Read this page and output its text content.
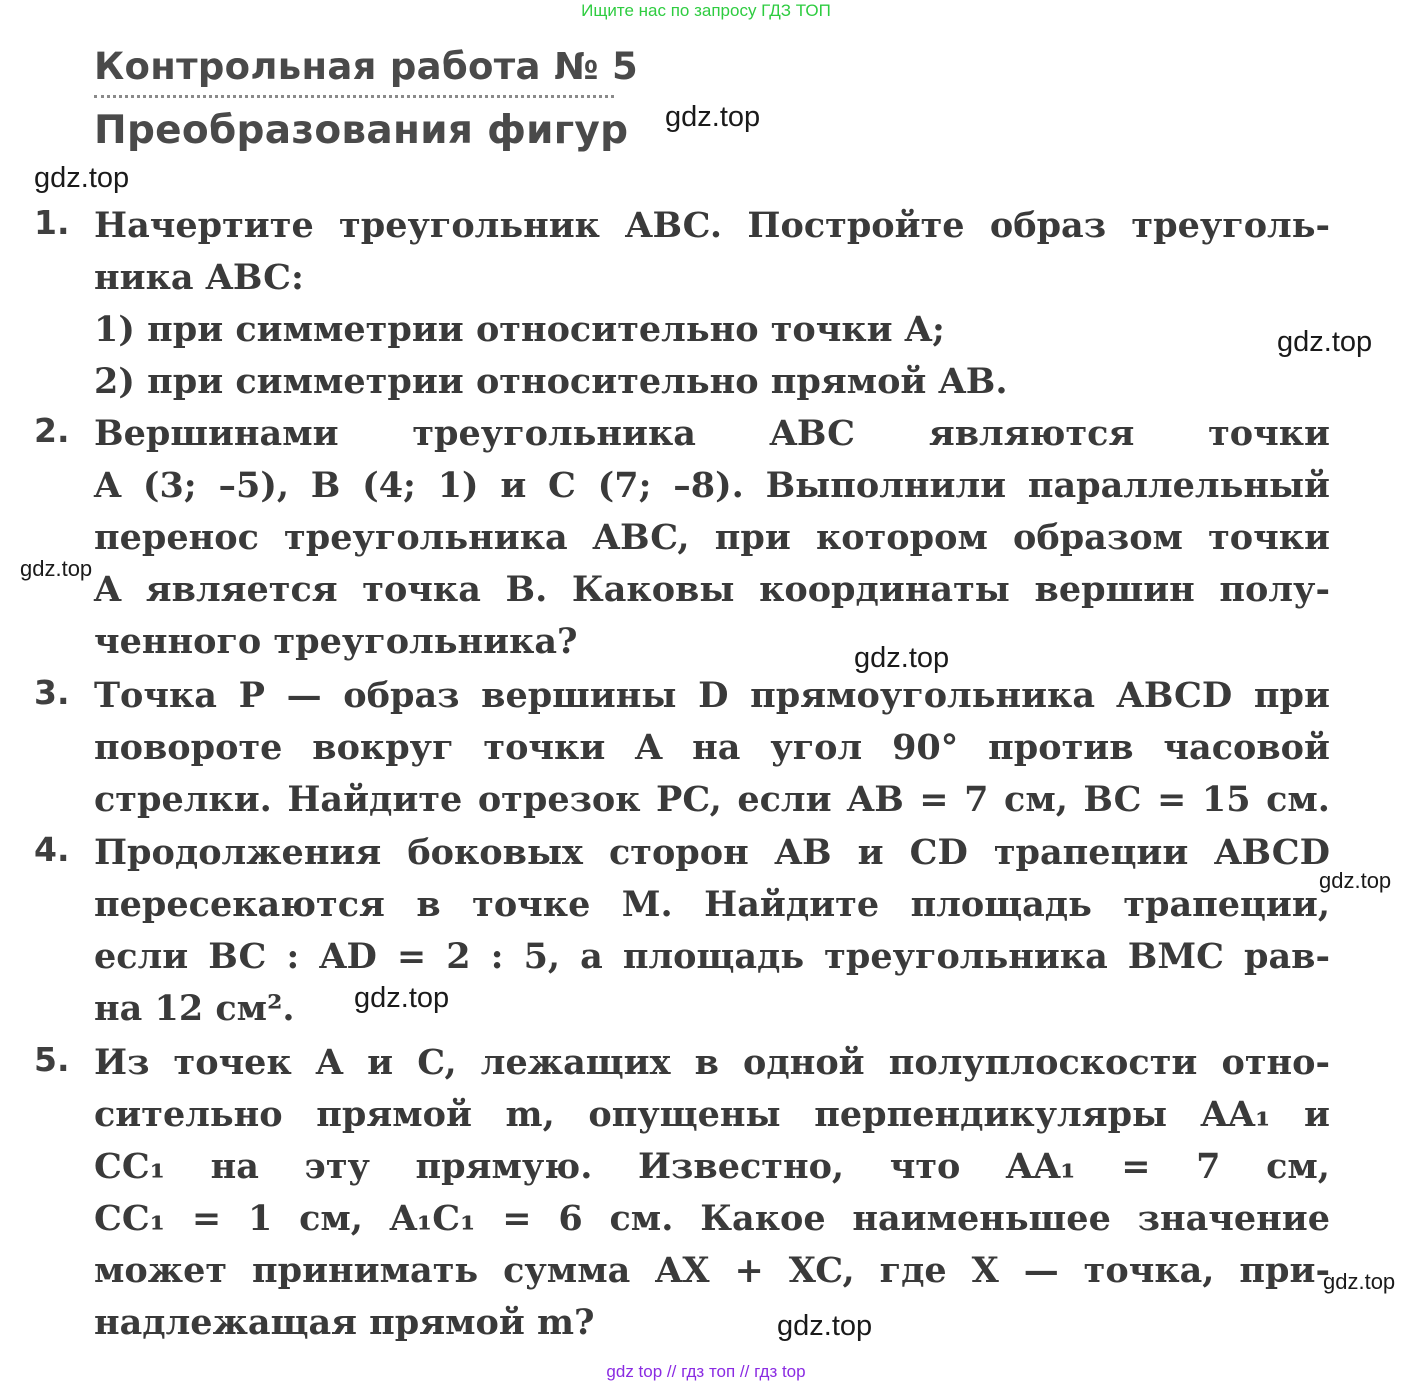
Ищите нас по запросу ГДЗ ТОП
Контрольная работа № 5
Преобразования фигур gdz.top
gdz.top
gdz.top
gdz.top
gdz.top
gdz.top
gdz.top
gdz.top
gdz.top
1. Начертите треугольник ABC. Постройте образ треуголь-
ника ABC:
1) при симметрии относительно точки A;
2) при симметрии относительно прямой AB.
2. Вершинами треугольника ABC являются точки
A (3; –5), B (4; 1) и C (7; –8). Выполнили параллельный
перенос треугольника ABC, при котором образом точки
A является точка B. Каковы координаты вершин полу-
ченного треугольника?
3. Точка P — образ вершины D прямоугольника ABCD при
повороте вокруг точки A на угол 90° против часовой
стрелки. Найдите отрезок PC, если AB = 7 см, BC = 15 см.
4. Продолжения боковых сторон AB и CD трапеции ABCD
пересекаются в точке M. Найдите площадь трапеции,
если BC : AD = 2 : 5, а площадь треугольника BMC рав-
на 12 см².
5. Из точек A и C, лежащих в одной полуплоскости отно-
сительно прямой m, опущены перпендикуляры AA₁ и
CC₁ на эту прямую. Известно, что AA₁ = 7 см,
CC₁ = 1 см, A₁C₁ = 6 см. Какое наименьшее значение
может принимать сумма AX + XC, где X — точка, при-
надлежащая прямой m?
gdz top // гдз топ // гдз top
